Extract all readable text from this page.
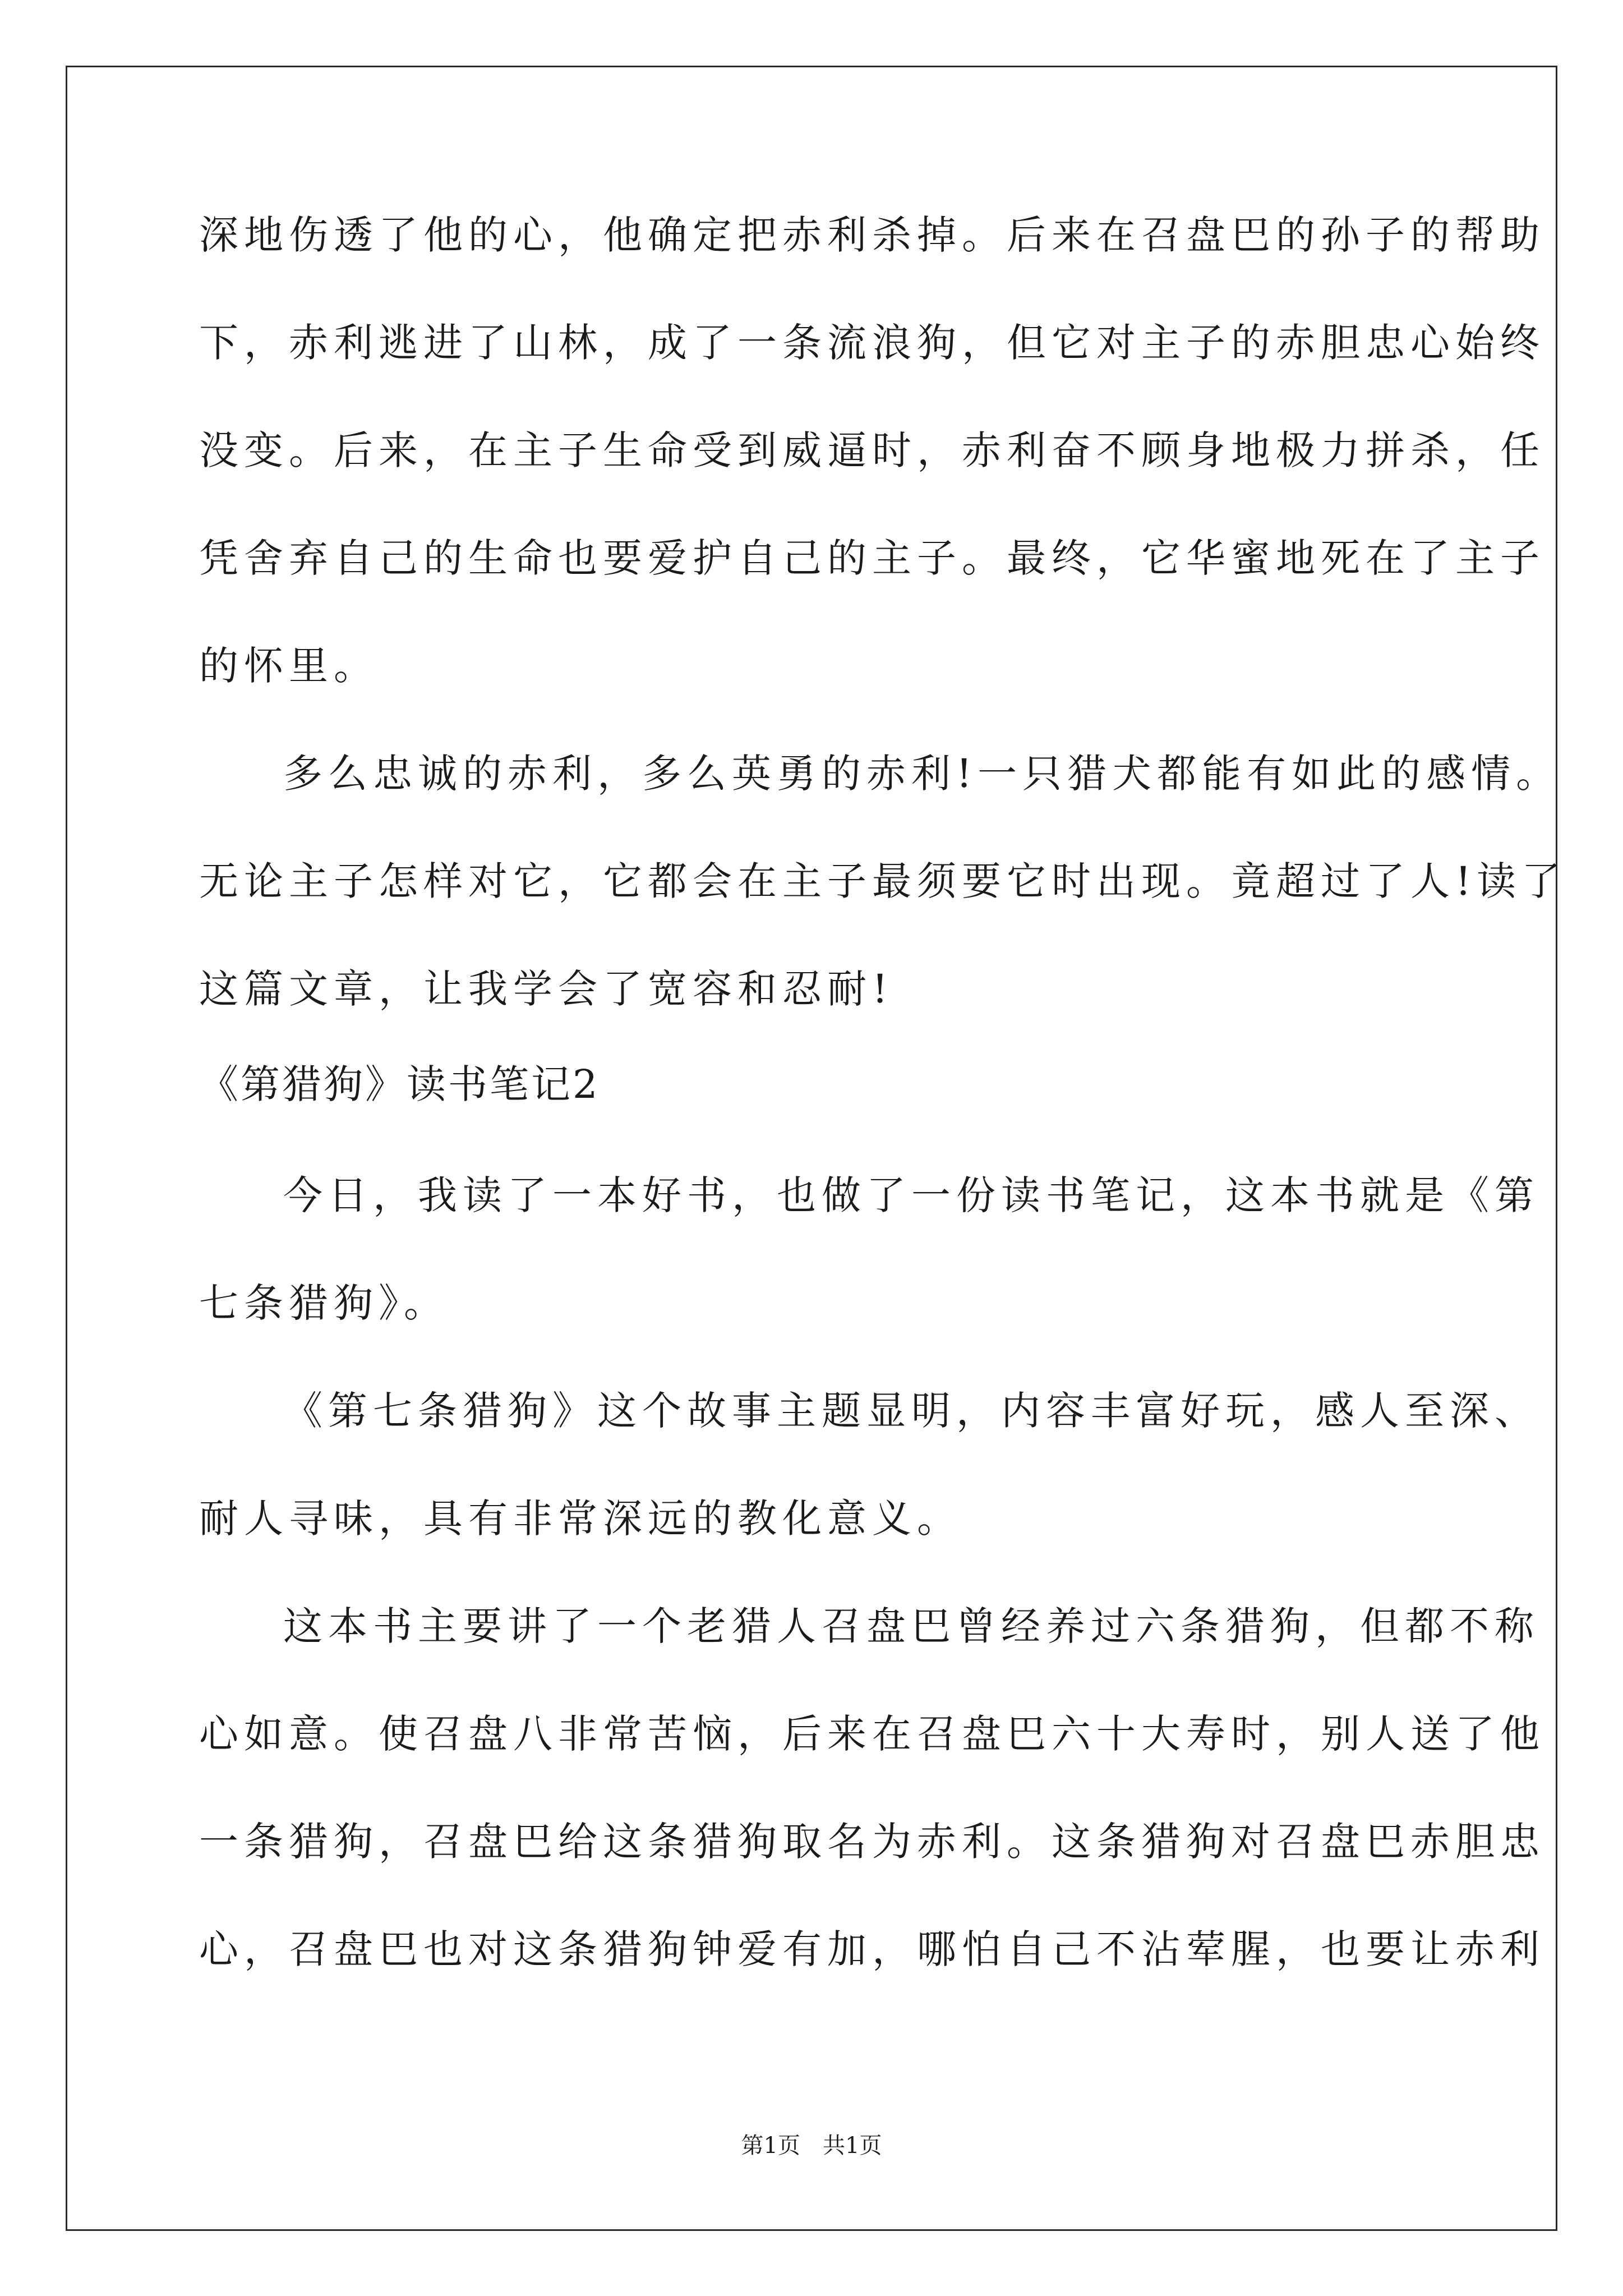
深地伤透了他的心，他确定把赤利杀掉。后来在召盘巴的孙子的帮助
下，赤利逃进了山林，成了一条流浪狗，但它对主子的赤胆忠心始终
没变。后来，在主子生命受到威逼时，赤利奋不顾身地极力拼杀，任
凭舍弃自己的生命也要爱护自己的主子。最终，它华蜜地死在了主子
的怀里。
多么忠诚的赤利，多么英勇的赤利!一只猎犬都能有如此的感情。
无论主子怎样对它，它都会在主子最须要它时出现。竟超过了人!读了
这篇文章，让我学会了宽容和忍耐!
《第猎狗》读书笔记2
今日，我读了一本好书，也做了一份读书笔记，这本书就是《第
七条猎狗》。
《第七条猎狗》这个故事主题显明，内容丰富好玩，感人至深、
耐人寻味，具有非常深远的教化意义。
这本书主要讲了一个老猎人召盘巴曾经养过六条猎狗，但都不称
心如意。使召盘八非常苦恼，后来在召盘巴六十大寿时，别人送了他
一条猎狗，召盘巴给这条猎狗取名为赤利。这条猎狗对召盘巴赤胆忠
心，召盘巴也对这条猎狗钟爱有加，哪怕自己不沾荤腥，也要让赤利
第1页　共1页
